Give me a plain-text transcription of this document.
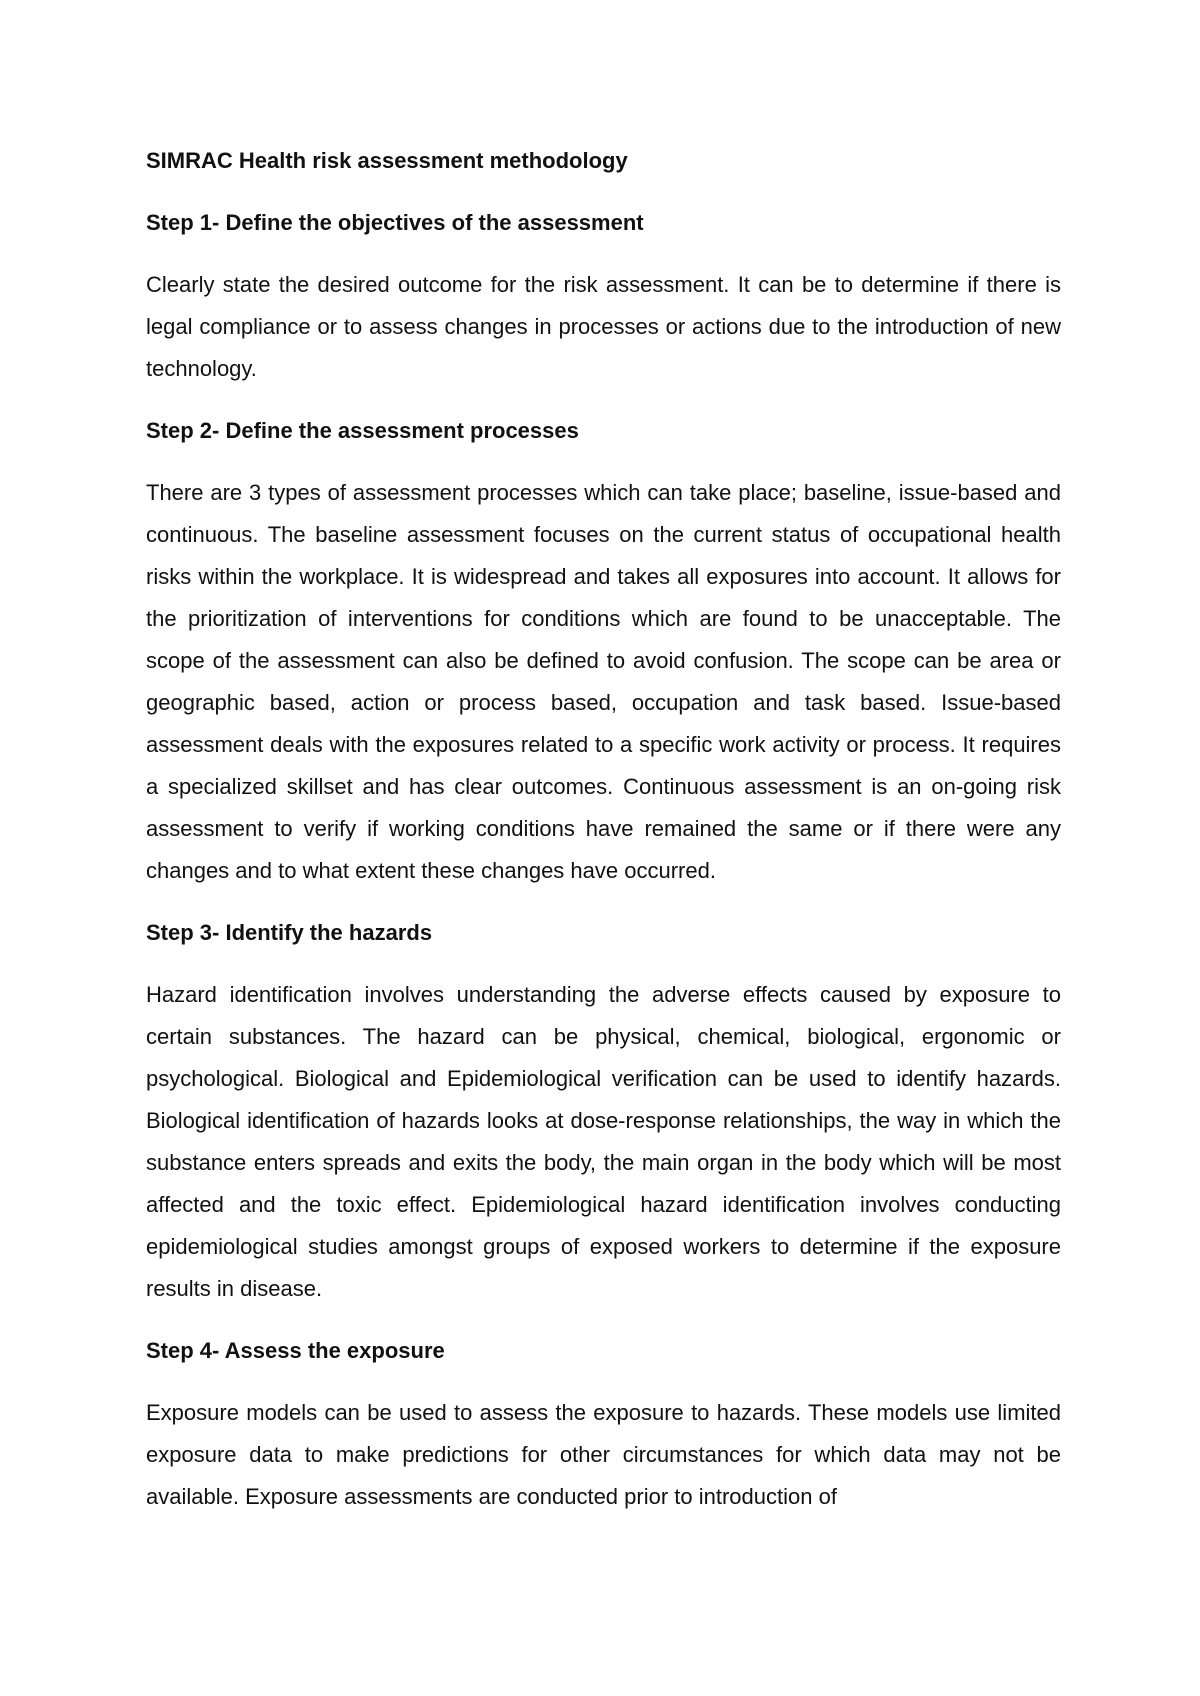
SIMRAC Health risk assessment methodology
Step 1- Define the objectives of the assessment
Clearly state the desired outcome for the risk assessment. It can be to determine if there is legal compliance or to assess changes in processes or actions due to the introduction of new technology.
Step 2- Define the assessment processes
There are 3 types of assessment processes which can take place; baseline, issue-based and continuous. The baseline assessment focuses on the current status of occupational health risks within the workplace. It is widespread and takes all exposures into account. It allows for the prioritization of interventions for conditions which are found to be unacceptable. The scope of the assessment can also be defined to avoid confusion. The scope can be area or geographic based, action or process based, occupation and task based. Issue-based assessment deals with the exposures related to a specific work activity or process. It requires a specialized skillset and has clear outcomes. Continuous assessment is an on-going risk assessment to verify if working conditions have remained the same or if there were any changes and to what extent these changes have occurred.
Step 3- Identify the hazards
Hazard identification involves understanding the adverse effects caused by exposure to certain substances. The hazard can be physical, chemical, biological, ergonomic or psychological. Biological and Epidemiological verification can be used to identify hazards. Biological identification of hazards looks at dose-response relationships, the way in which the substance enters spreads and exits the body, the main organ in the body which will be most affected and the toxic effect. Epidemiological hazard identification involves conducting epidemiological studies amongst groups of exposed workers to determine if the exposure results in disease.
Step 4- Assess the exposure
Exposure models can be used to assess the exposure to hazards. These models use limited exposure data to make predictions for other circumstances for which data may not be available. Exposure assessments are conducted prior to introduction of
